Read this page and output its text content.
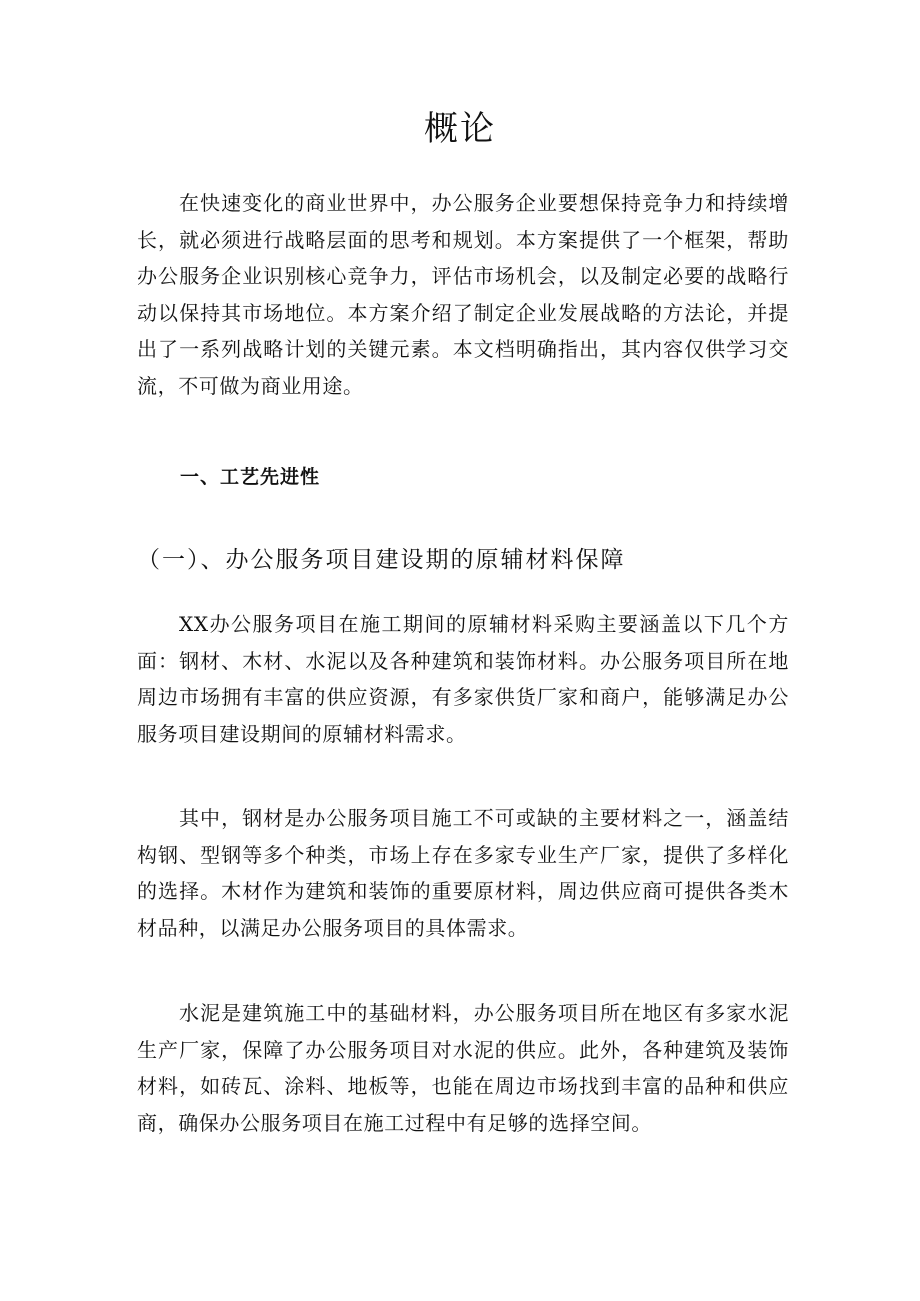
概论

在快速变化的商业世界中，办公服务企业要想保持竞争力和持续增长，就必须进行战略层面的思考和规划。本方案提供了一个框架，帮助办公服务企业识别核心竞争力，评估市场机会，以及制定必要的战略行动以保持其市场地位。本方案介绍了制定企业发展战略的方法论，并提出了一系列战略计划的关键元素。本文档明确指出，其内容仅供学习交流，不可做为商业用途。

一、工艺先进性
（一）、办公服务项目建设期的原辅材料保障

XX办公服务项目在施工期间的原辅材料采购主要涵盖以下几个方面：钢材、木材、水泥以及各种建筑和装饰材料。办公服务项目所在地周边市场拥有丰富的供应资源，有多家供货厂家和商户，能够满足办公服务项目建设期间的原辅材料需求。

其中，钢材是办公服务项目施工不可或缺的主要材料之一，涵盖结构钢、型钢等多个种类，市场上存在多家专业生产厂家，提供了多样化的选择。木材作为建筑和装饰的重要原材料，周边供应商可提供各类木材品种，以满足办公服务项目的具体需求。

水泥是建筑施工中的基础材料，办公服务项目所在地区有多家水泥生产厂家，保障了办公服务项目对水泥的供应。此外，各种建筑及装饰材料，如砖瓦、涂料、地板等，也能在周边市场找到丰富的品种和供应商，确保办公服务项目在施工过程中有足够的选择空间。
